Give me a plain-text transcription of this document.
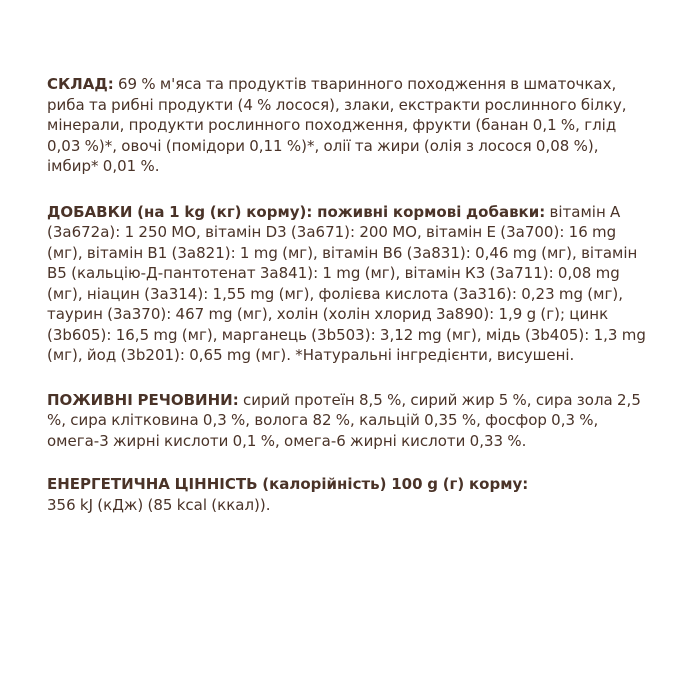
СКЛАД: 69 % м'яса та продуктів тваринного походження в шматочках, риба та рибні продукти (4 % лосося), злаки, екстракти рослинного білку, мінерали, продукти рослинного походження, фрукти (банан 0,1 %, глід 0,03 %)*, овочі (помідори 0,11 %)*, олії та жири (олія з лосося 0,08 %), імбир* 0,01 %.

ДОБАВКИ (на 1 kg (кг) корму): поживні кормові добавки: вітамін А (3а672а): 1 250 МО, вітамін D3 (3а671): 200 МО, вітамін Е (3а700): 16 mg (мг), вітамін В1 (3а821): 1 mg (мг), вітамін В6 (3а831): 0,46 mg (мг), вітамін В5 (кальцію-Д-пантотенат 3а841): 1 mg (мг), вітамін К3 (3а711): 0,08 mg (мг), ніацин (3а314): 1,55 mg (мг), фолієва кислота (3а316): 0,23 mg (мг), таурин (3а370): 467 mg (мг), холін (холін хлорид 3а890): 1,9 g (г); цинк (3b605): 16,5 mg (мг), марганець (3b503): 3,12 mg (мг), мідь (3b405): 1,3 mg (мг), йод (3b201): 0,65 mg (мг). *Натуральні інгредієнти, висушені.

ПОЖИВНІ РЕЧОВИНИ: сирий протеїн 8,5 %, сирий жир 5 %, сира зола 2,5 %, сира клітковина 0,3 %, волога 82 %, кальцій 0,35 %, фосфор 0,3 %, омега-3 жирні кислоти 0,1 %, омега-6 жирні кислоти 0,33 %.

ЕНЕРГЕТИЧНА ЦІННІСТЬ (калорійність) 100 g (г) корму:
356 kJ (кДж) (85 kcal (ккал)).
